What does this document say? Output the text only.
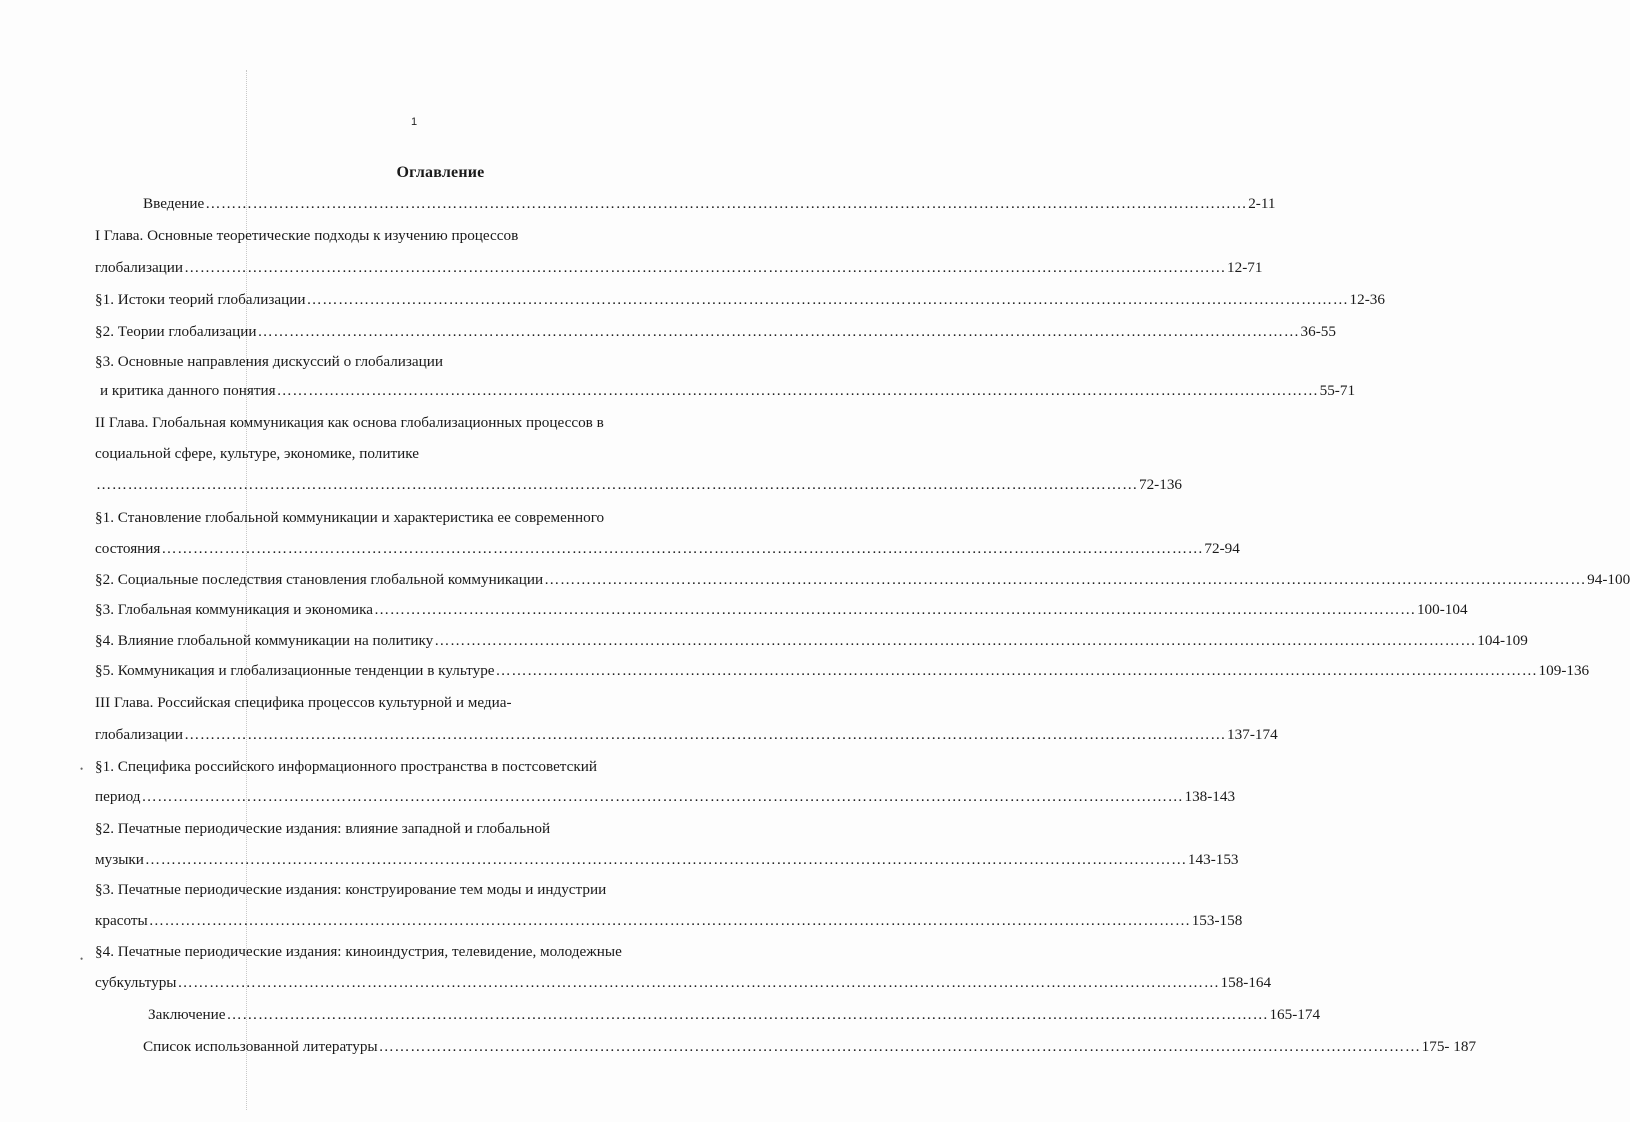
1
Оглавление
Введение ……………………………………………………………………………………………………………………………………………………………………………… 2-11
I Глава. Основные теоретические подходы к изучению процессов
глобализации ……………………………………………………………………………………………………………………………………………………………………………… 12-71
§1. Истоки теорий глобализации ……………………………………………………………………………………………………………………………………………………………………………… 12-36
§2. Теории глобализации ……………………………………………………………………………………………………………………………………………………………………………… 36-55
§3. Основные направления дискуссий о глобализации
и критика данного понятия ……………………………………………………………………………………………………………………………………………………………………………… 55-71
II Глава. Глобальная коммуникация как основа глобализационных процессов в
социальной сфере, культуре, экономике, политике
……………………………………………………………………………………………………………………………………………………………………………… 72-136
§1. Становление глобальной коммуникации и характеристика ее современного
состояния ……………………………………………………………………………………………………………………………………………………………………………… 72-94
§2. Социальные последствия становления глобальной коммуникации ……………………………………………………………………………………………………………………………………………………………………………… 94-100
§3. Глобальная коммуникация и экономика ……………………………………………………………………………………………………………………………………………………………………………… 100-104
§4. Влияние глобальной коммуникации на политику ……………………………………………………………………………………………………………………………………………………………………………… 104-109
§5. Коммуникация и глобализационные тенденции в культуре ……………………………………………………………………………………………………………………………………………………………………………… 109-136
III Глава. Российская специфика процессов культурной и медиа-
глобализации ……………………………………………………………………………………………………………………………………………………………………………… 137-174
§1. Специфика российского информационного пространства в постсоветский
период ……………………………………………………………………………………………………………………………………………………………………………… 138-143
§2. Печатные периодические издания: влияние западной и глобальной
музыки ……………………………………………………………………………………………………………………………………………………………………………… 143-153
§3. Печатные периодические издания: конструирование тем моды и индустрии
красоты ……………………………………………………………………………………………………………………………………………………………………………… 153-158
§4. Печатные периодические издания: киноиндустрия, телевидение, молодежные
субкультуры ……………………………………………………………………………………………………………………………………………………………………………… 158-164
Заключение ……………………………………………………………………………………………………………………………………………………………………………… 165-174
Список использованной литературы ……………………………………………………………………………………………………………………………………………………………………………… 175- 187
•
•
